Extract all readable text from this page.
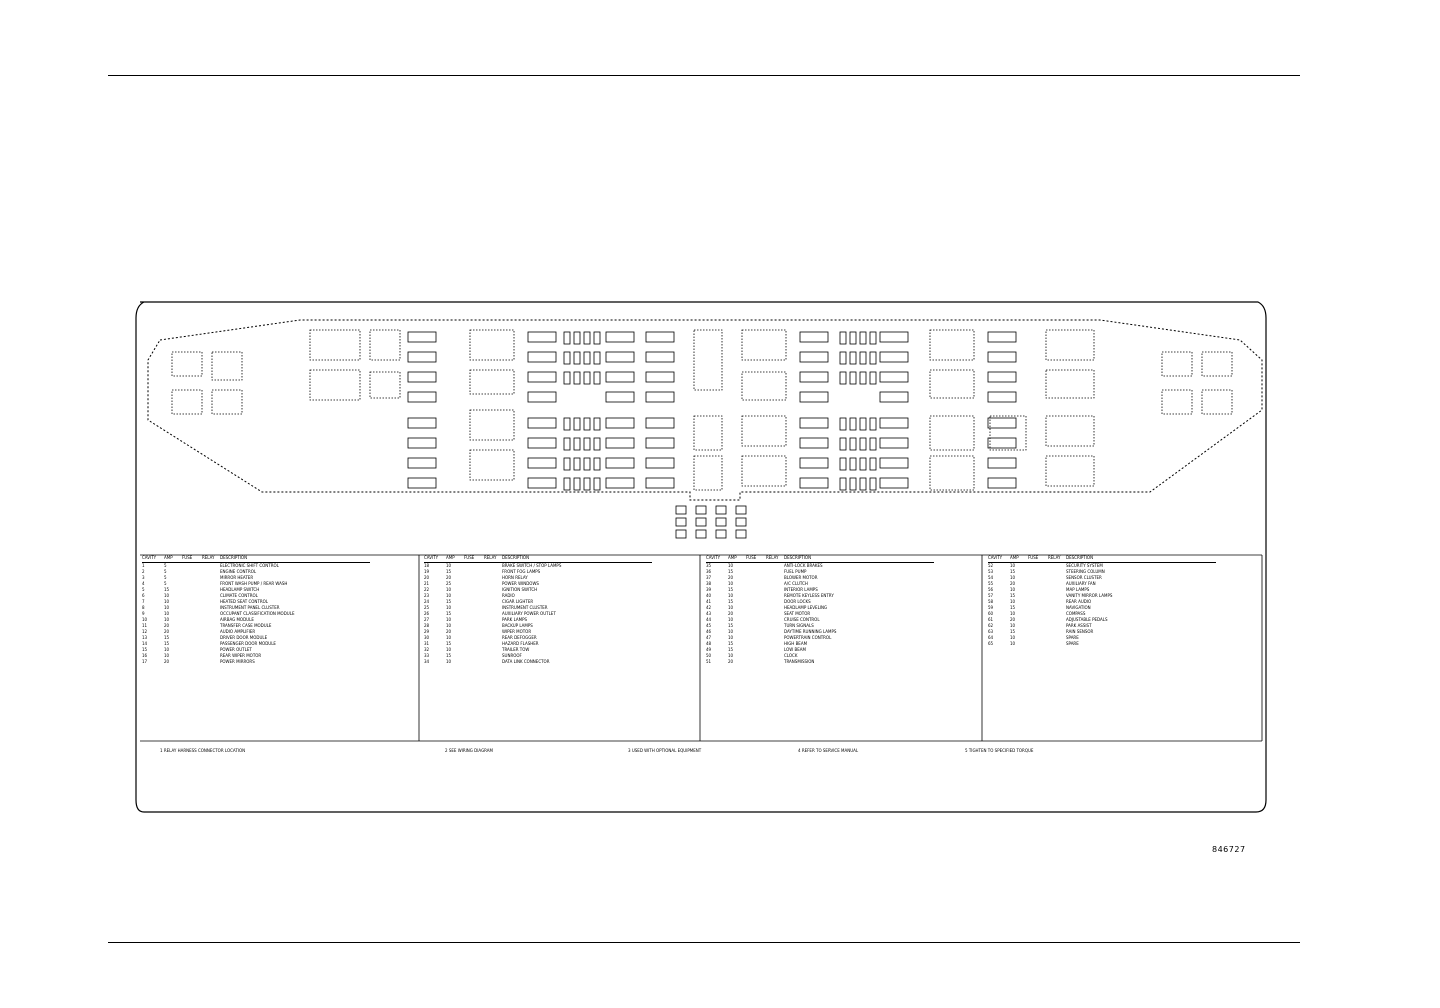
CAVITY	AMP	FUSE	RELAY DESCRIPTION
1	5	ELECTRONIC SHIFT CONTROL
2	5	ENGINE CONTROL
3	5	MIRROR HEATER
4	5	FRONT WASH PUMP / REAR WASH
5	15	HEADLAMP SWITCH
6	10	CLIMATE CONTROL
7	10	HEATED SEAT CONTROL
8	10	INSTRUMENT PANEL CLUSTER
9	10	OCCUPANT CLASSIFICATION MODULE
10	10	AIRBAG MODULE
11	20	TRANSFER CASE MODULE
12	20	AUDIO AMPLIFIER
13	15	DRIVER DOOR MODULE
14	15	PASSENGER DOOR MODULE
15	10	POWER OUTLET
16	10	REAR WIPER MOTOR
17	20	POWER MIRRORS
CAVITY	AMP	FUSE	RELAY DESCRIPTION
18	10	BRAKE SWITCH / STOP LAMPS
19	15	FRONT FOG LAMPS
20	20	HORN RELAY
21	25	POWER WINDOWS
22	10	IGNITION SWITCH
23	10	RADIO
24	15	CIGAR LIGHTER
25	10	INSTRUMENT CLUSTER
26	15	AUXILIARY POWER OUTLET
27	10	PARK LAMPS
28	10	BACKUP LAMPS
29	20	WIPER MOTOR
30	10	REAR DEFOGGER
31	15	HAZARD FLASHER
32	10	TRAILER TOW
33	15	SUNROOF
34	10	DATA LINK CONNECTOR
CAVITY	AMP	FUSE	RELAY DESCRIPTION
35	10	ANTI-LOCK BRAKES
36	15	FUEL PUMP
37	20	BLOWER MOTOR
38	10	A/C CLUTCH
39	15	INTERIOR LAMPS
40	10	REMOTE KEYLESS ENTRY
41	15	DOOR LOCKS
42	10	HEADLAMP LEVELING
43	20	SEAT MOTOR
44	10	CRUISE CONTROL
45	15	TURN SIGNALS
46	10	DAYTIME RUNNING LAMPS
47	10	POWERTRAIN CONTROL
48	15	HIGH BEAM
49	15	LOW BEAM
50	10	CLOCK
51	20	TRANSMISSION
CAVITY	AMP	FUSE	RELAY DESCRIPTION
52	10	SECURITY SYSTEM
53	15	STEERING COLUMN
54	10	SENSOR CLUSTER
55	20	AUXILIARY FAN
56	10	MAP LAMPS
57	15	VANITY MIRROR LAMPS
58	10	REAR AUDIO
59	15	NAVIGATION
60	10	COMPASS
61	20	ADJUSTABLE PEDALS
62	10	PARK ASSIST
63	15	RAIN SENSOR
64	10	SPARE
65	10	SPARE
1 RELAY HARNESS CONNECTOR LOCATION	2 SEE WIRING DIAGRAM	3 USED WITH OPTIONAL EQUIPMENT	4 REFER TO SERVICE MANUAL	5 TIGHTEN TO SPECIFIED TORQUE
846727
